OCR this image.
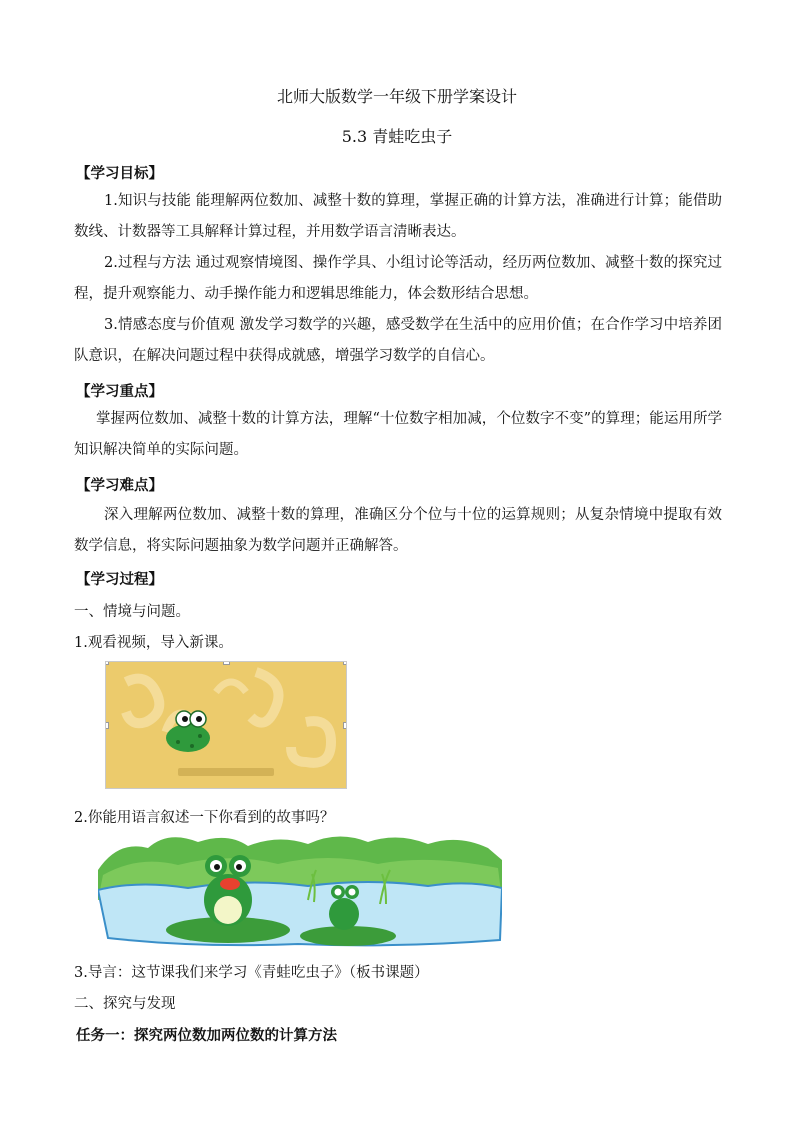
北师大版数学一年级下册学案设计
5.3 青蛙吃虫子
【学习目标】
1.知识与技能 能理解两位数加、减整十数的算理，掌握正确的计算方法，准确进行计算；能借助数线、计数器等工具解释计算过程，并用数学语言清晰表达。
2.过程与方法 通过观察情境图、操作学具、小组讨论等活动，经历两位数加、减整十数的探究过程，提升观察能力、动手操作能力和逻辑思维能力，体会数形结合思想。
3.情感态度与价值观 激发学习数学的兴趣，感受数学在生活中的应用价值；在合作学习中培养团队意识，在解决问题过程中获得成就感，增强学习数学的自信心。
【学习重点】
掌握两位数加、减整十数的计算方法，理解“十位数字相加减，个位数字不变”的算理；能运用所学知识解决简单的实际问题。
【学习难点】
深入理解两位数加、减整十数的算理，准确区分个位与十位的运算规则；从复杂情境中提取有效数学信息，将实际问题抽象为数学问题并正确解答。
【学习过程】
一、情境与问题。
1.观看视频，导入新课。
2.你能用语言叙述一下你看到的故事吗？
3.导言：这节课我们来学习《青蛙吃虫子》（板书课题）
二、探究与发现
任务一：探究两位数加两位数的计算方法
